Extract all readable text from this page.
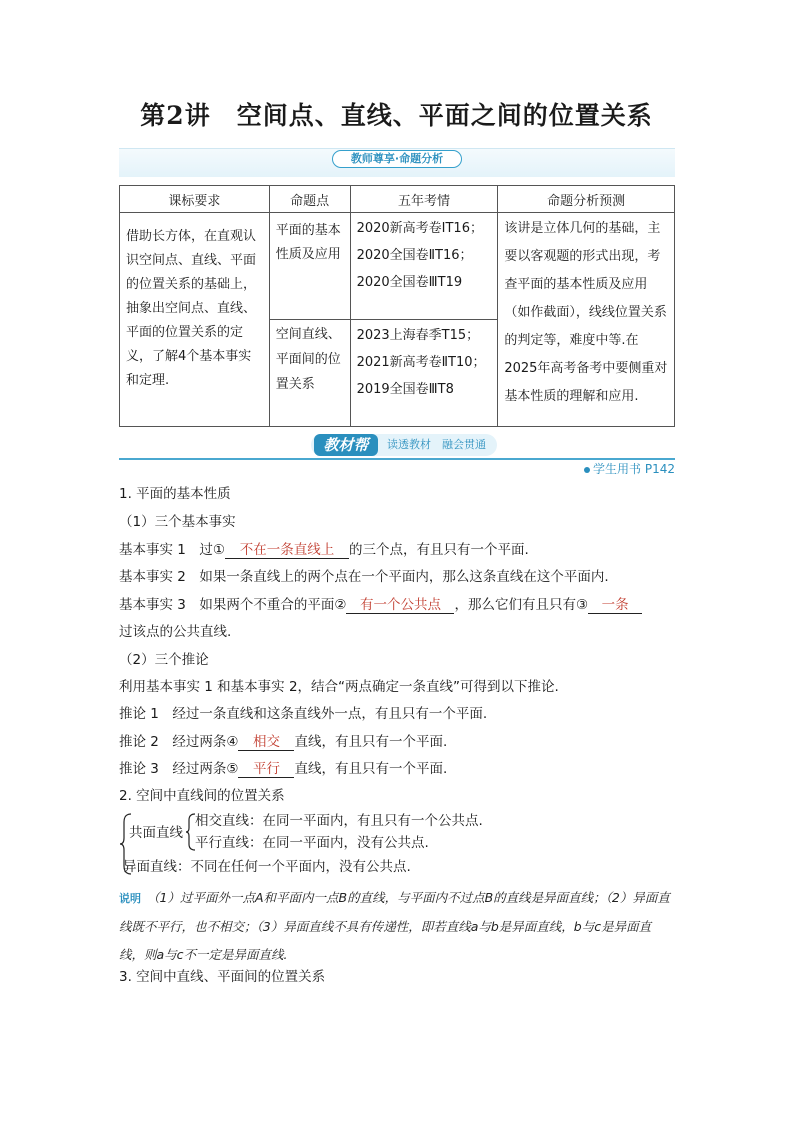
第2讲　空间点、直线、平面之间的位置关系
教师尊享·命题分析
课标要求	命题点	五年考情	命题分析预测

借助长方体，在直观认识空间点、直线、平面的位置关系的基础上，抽象出空间点、直线、平面的位置关系的定义，了解4个基本事实和定理.	平面的基本性质及应用	2020新高考卷ⅠT16；2020全国卷ⅡT16；2020全国卷ⅢT19	该讲是立体几何的基础，主要以客观题的形式出现，考查平面的基本性质及应用（如作截面），线线位置关系的判定等，难度中等.在2025年高考备考中要侧重对基本性质的理解和应用.

	空间直线、平面间的位置关系	2023上海春季T15；2021新高考卷ⅡT10；2019全国卷ⅢT8	
教材帮	读透教材　融会贯通
学生用书 P142
1. 平面的基本性质
（1）三个基本事实
基本事实 1　过① 不在一条直线上 的三个点，有且只有一个平面.
基本事实 2　如果一条直线上的两个点在一个平面内，那么这条直线在这个平面内.
基本事实 3　如果两个不重合的平面② 有一个公共点 ，那么它们有且只有③ 一条
过该点的公共直线.
（2）三个推论
利用基本事实 1 和基本事实 2，结合“两点确定一条直线”可得到以下推论.
推论 1　经过一条直线和这条直线外一点，有且只有一个平面.
推论 2　经过两条④ 相交 直线，有且只有一个平面.
推论 3　经过两条⑤ 平行 直线，有且只有一个平面.
2. 空间中直线间的位置关系
共面直线
相交直线：在同一平面内，有且只有一个公共点.
平行直线：在同一平面内，没有公共点.
异面直线：不同在任何一个平面内，没有公共点.
说明 （1）过平面外一点A和平面内一点B的直线，与平面内不过点B的直线是异面直线；（2）异面直线既不平行，也不相交；（3）异面直线不具有传递性，即若直线a与b是异面直线，b与c是异面直线，则a与c不一定是异面直线.
3. 空间中直线、平面间的位置关系
